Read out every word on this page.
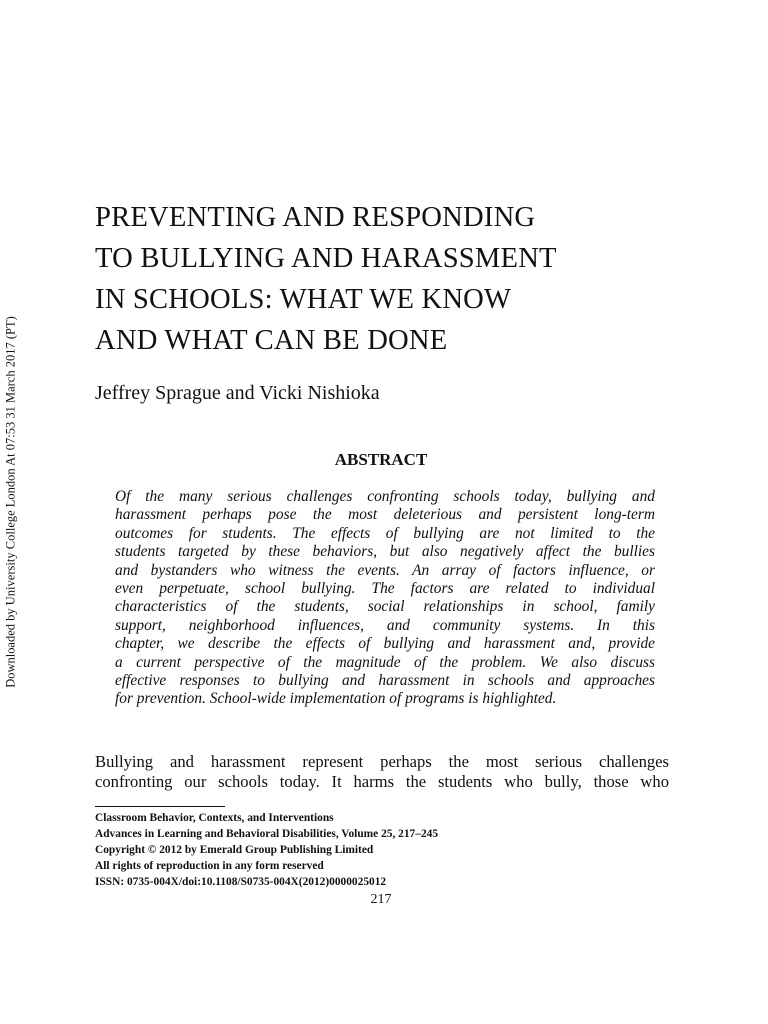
Downloaded by University College London At 07:53 31 March 2017 (PT)
PREVENTING AND RESPONDING
TO BULLYING AND HARASSMENT
IN SCHOOLS: WHAT WE KNOW
AND WHAT CAN BE DONE

Jeffrey Sprague and Vicki Nishioka

ABSTRACT
Of the many serious challenges confronting schools today, bullying and
harassment perhaps pose the most deleterious and persistent long-term
outcomes for students. The effects of bullying are not limited to the
students targeted by these behaviors, but also negatively affect the bullies
and bystanders who witness the events. An array of factors influence, or
even perpetuate, school bullying. The factors are related to individual
characteristics of the students, social relationships in school, family
support, neighborhood influences, and community systems. In this
chapter, we describe the effects of bullying and harassment and, provide
a current perspective of the magnitude of the problem. We also discuss
effective responses to bullying and harassment in schools and approaches
for prevention. School-wide implementation of programs is highlighted.
Bullying and harassment represent perhaps the most serious challenges
confronting our schools today. It harms the students who bully, those who
Classroom Behavior, Contexts, and Interventions
Advances in Learning and Behavioral Disabilities, Volume 25, 217–245
Copyright © 2012 by Emerald Group Publishing Limited
All rights of reproduction in any form reserved
ISSN: 0735-004X/doi:10.1108/S0735-004X(2012)0000025012
217
